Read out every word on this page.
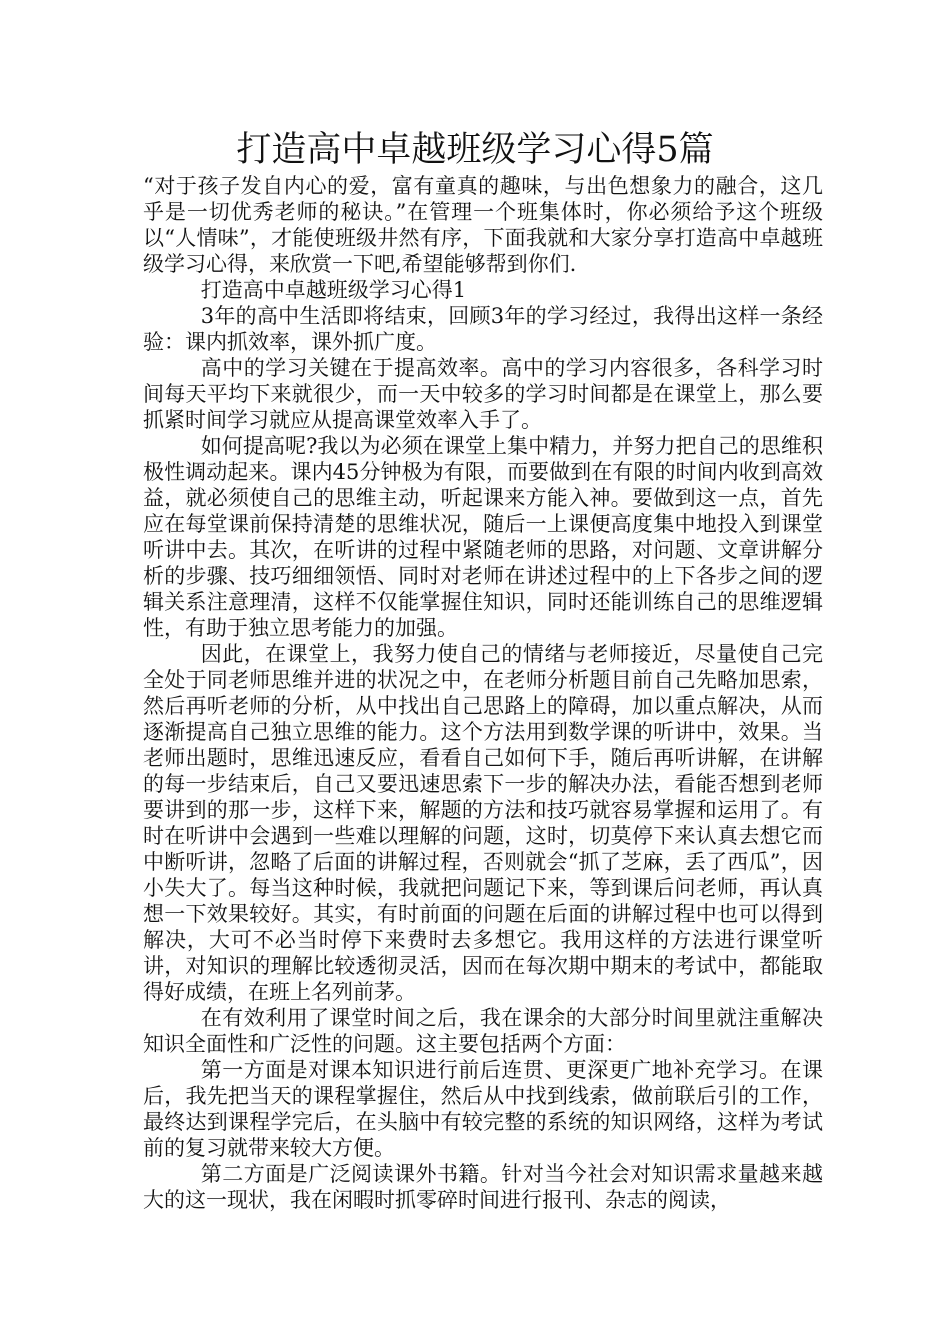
打造高中卓越班级学习心得5篇

“对于孩子发自内心的爱，富有童真的趣味，与出色想象力的融合，这几乎是一切优秀老师的秘诀。”在管理一个班集体时，你必须给予这个班级以“人情味”，才能使班级井然有序，下面我就和大家分享打造高中卓越班级学习心得，来欣赏一下吧,希望能够帮到你们.

打造高中卓越班级学习心得1

3年的高中生活即将结束，回顾3年的学习经过，我得出这样一条经验：课内抓效率，课外抓广度。

高中的学习关键在于提高效率。高中的学习内容很多，各科学习时间每天平均下来就很少，而一天中较多的学习时间都是在课堂上，那么要抓紧时间学习就应从提高课堂效率入手了。

如何提高呢?我以为必须在课堂上集中精力，并努力把自己的思维积极性调动起来。课内45分钟极为有限，而要做到在有限的时间内收到高效益，就必须使自己的思维主动，听起课来方能入神。要做到这一点，首先应在每堂课前保持清楚的思维状况，随后一上课便高度集中地投入到课堂听讲中去。其次，在听讲的过程中紧随老师的思路，对问题、文章讲解分析的步骤、技巧细细领悟、同时对老师在讲述过程中的上下各步之间的逻辑关系注意理清，这样不仅能掌握住知识，同时还能训练自己的思维逻辑性，有助于独立思考能力的加强。

因此，在课堂上，我努力使自己的情绪与老师接近，尽量使自己完全处于同老师思维并进的状况之中，在老师分析题目前自己先略加思索，然后再听老师的分析，从中找出自己思路上的障碍，加以重点解决，从而逐渐提高自己独立思维的能力。这个方法用到数学课的听讲中，效果。当老师出题时，思维迅速反应，看看自己如何下手，随后再听讲解，在讲解的每一步结束后，自己又要迅速思索下一步的解决办法，看能否想到老师要讲到的那一步，这样下来，解题的方法和技巧就容易掌握和运用了。有时在听讲中会遇到一些难以理解的问题，这时，切莫停下来认真去想它而中断听讲，忽略了后面的讲解过程，否则就会“抓了芝麻，丢了西瓜”，因小失大了。每当这种时候，我就把问题记下来，等到课后问老师，再认真想一下效果较好。其实，有时前面的问题在后面的讲解过程中也可以得到解决，大可不必当时停下来费时去多想它。我用这样的方法进行课堂听讲，对知识的理解比较透彻灵活，因而在每次期中期末的考试中，都能取得好成绩，在班上名列前茅。

在有效利用了课堂时间之后，我在课余的大部分时间里就注重解决知识全面性和广泛性的问题。这主要包括两个方面：

第一方面是对课本知识进行前后连贯、更深更广地补充学习。在课后，我先把当天的课程掌握住，然后从中找到线索，做前联后引的工作，最终达到课程学完后，在头脑中有较完整的系统的知识网络，这样为考试前的复习就带来较大方便。

第二方面是广泛阅读课外书籍。针对当今社会对知识需求量越来越大的这一现状，我在闲暇时抓零碎时间进行报刊、杂志的阅读，
